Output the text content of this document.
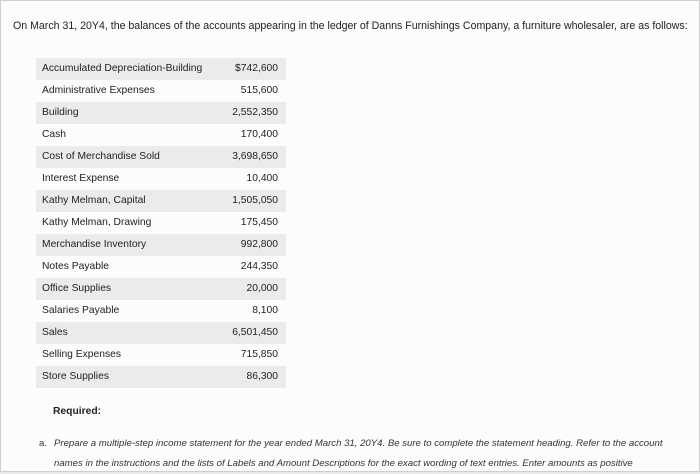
On March 31, 20Y4, the balances of the accounts appearing in the ledger of Danns Furnishings Company, a furniture wholesaler, are as follows:
Accumulated Depreciation-Building	$742,600
Administrative Expenses	515,600
Building	2,552,350
Cash	170,400
Cost of Merchandise Sold	3,698,650
Interest Expense	10,400
Kathy Melman, Capital	1,505,050
Kathy Melman, Drawing	175,450
Merchandise Inventory	992,800
Notes Payable	244,350
Office Supplies	20,000
Salaries Payable	8,100
Sales	6,501,450
Selling Expenses	715,850
Store Supplies	86,300
Required:
a. Prepare a multiple-step income statement for the year ended March 31, 20Y4. Be sure to complete the statement heading. Refer to the account names in the instructions and the lists of Labels and Amount Descriptions for the exact wording of text entries. Enter amounts as positive
